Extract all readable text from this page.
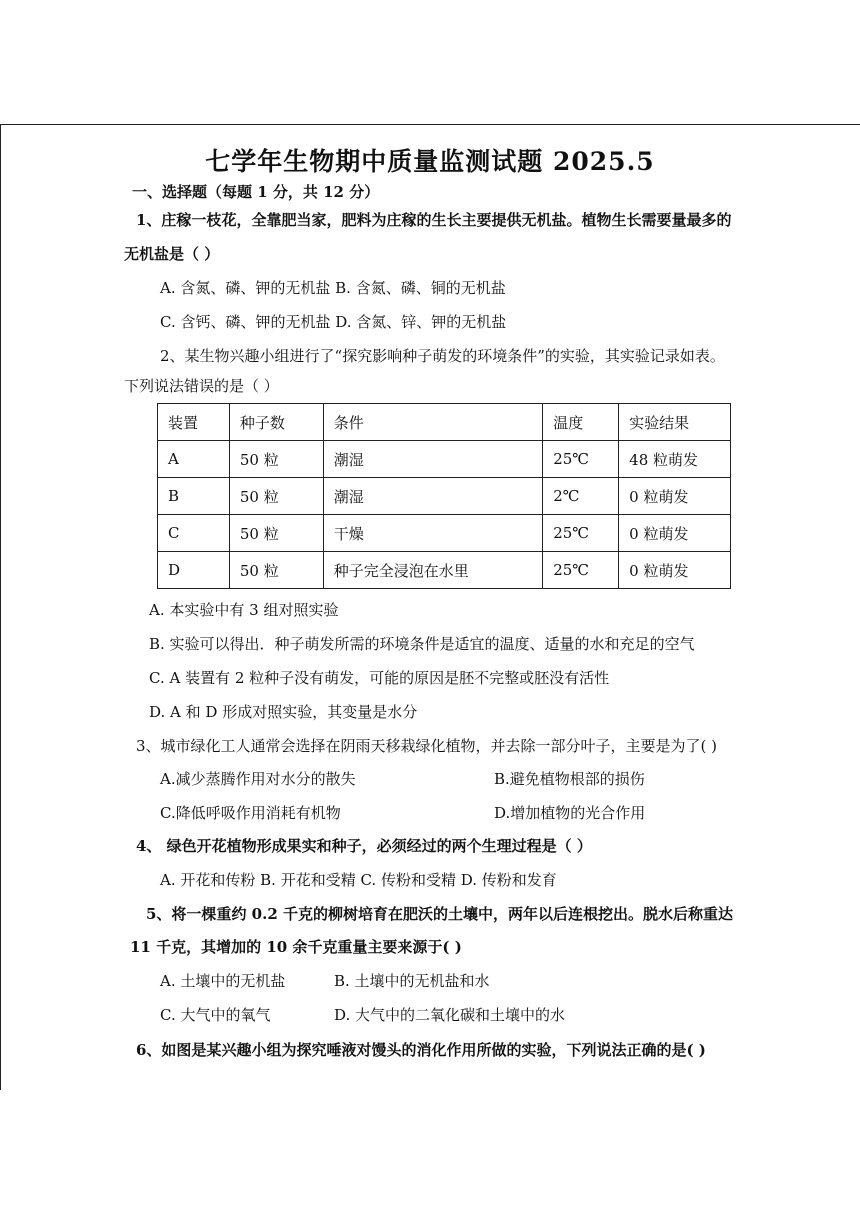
七学年生物期中质量监测试题 2025.5
一、选择题（每题 1 分，共 12 分）
1、庄稼一枝花，全靠肥当家，肥料为庄稼的生长主要提供无机盐。植物生长需要量最多的
无机盐是（ ）
A. 含氮、磷、钾的无机盐 B. 含氮、磷、铜的无机盐
C. 含钙、磷、钾的无机盐 D. 含氮、锌、钾的无机盐
2、某生物兴趣小组进行了“探究影响种子萌发的环境条件”的实验，其实验记录如表。
下列说法错误的是（ ）
装置	种子数	条件	温度	实验结果
A	50 粒	潮湿	25℃	48 粒萌发
B	50 粒	潮湿	2℃	0 粒萌发
C	50 粒	干燥	25℃	0 粒萌发
D	50 粒	种子完全浸泡在水里	25℃	0 粒萌发
A. 本实验中有 3 组对照实验
B. 实验可以得出．种子萌发所需的环境条件是适宜的温度、适量的水和充足的空气
C. A 装置有 2 粒种子没有萌发，可能的原因是胚不完整或胚没有活性
D. A 和 D 形成对照实验，其变量是水分
3、城市绿化工人通常会选择在阴雨天移栽绿化植物，并去除一部分叶子，主要是为了( )
A.减少蒸腾作用对水分的散失	B.避免植物根部的损伤
C.降低呼吸作用消耗有机物	D.增加植物的光合作用
4、 绿色开花植物形成果实和种子，必须经过的两个生理过程是（ ）
A. 开花和传粉 B. 开花和受精 C. 传粉和受精 D. 传粉和发育
5、将一棵重约 0.2 千克的柳树培育在肥沃的土壤中，两年以后连根挖出。脱水后称重达
11 千克，其增加的 10 余千克重量主要来源于( )
A. 土壤中的无机盐	B. 土壤中的无机盐和水
C. 大气中的氧气	D. 大气中的二氧化碳和土壤中的水
6、如图是某兴趣小组为探究唾液对馒头的消化作用所做的实验，下列说法正确的是( )
